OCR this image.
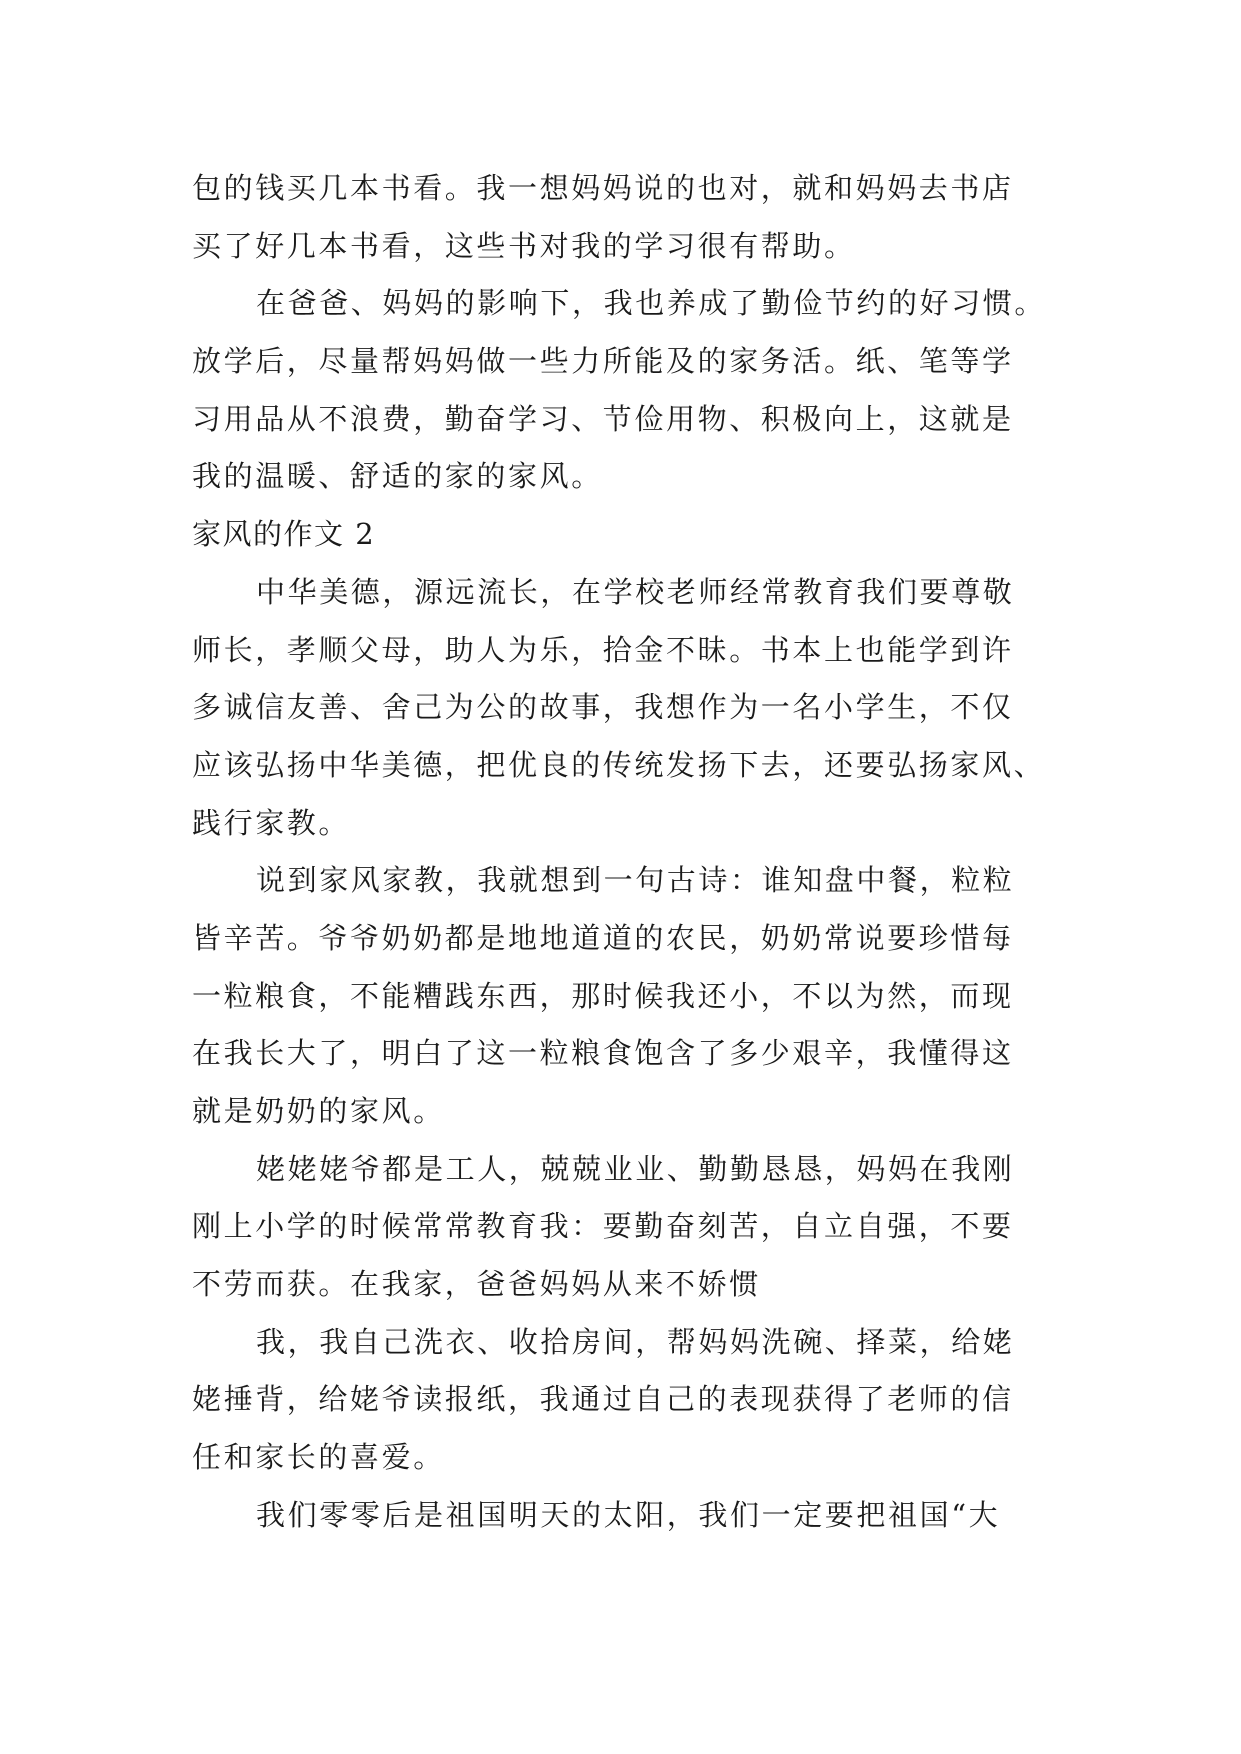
包的钱买几本书看。我一想妈妈说的也对，就和妈妈去书店
买了好几本书看，这些书对我的学习很有帮助。
在爸爸、妈妈的影响下，我也养成了勤俭节约的好习惯。
放学后，尽量帮妈妈做一些力所能及的家务活。纸、笔等学
习用品从不浪费，勤奋学习、节俭用物、积极向上，这就是
我的温暖、舒适的家的家风。
家风的作文 2
中华美德，源远流长，在学校老师经常教育我们要尊敬
师长，孝顺父母，助人为乐，拾金不昧。书本上也能学到许
多诚信友善、舍己为公的故事，我想作为一名小学生，不仅
应该弘扬中华美德，把优良的传统发扬下去，还要弘扬家风、
践行家教。
说到家风家教，我就想到一句古诗：谁知盘中餐，粒粒
皆辛苦。爷爷奶奶都是地地道道的农民，奶奶常说要珍惜每
一粒粮食，不能糟践东西，那时候我还小，不以为然，而现
在我长大了，明白了这一粒粮食饱含了多少艰辛，我懂得这
就是奶奶的家风。
姥姥姥爷都是工人，兢兢业业、勤勤恳恳，妈妈在我刚
刚上小学的时候常常教育我：要勤奋刻苦，自立自强，不要
不劳而获。在我家，爸爸妈妈从来不娇惯
我，我自己洗衣、收拾房间，帮妈妈洗碗、择菜，给姥
姥捶背，给姥爷读报纸，我通过自己的表现获得了老师的信
任和家长的喜爱。
我们零零后是祖国明天的太阳，我们一定要把祖国“大
